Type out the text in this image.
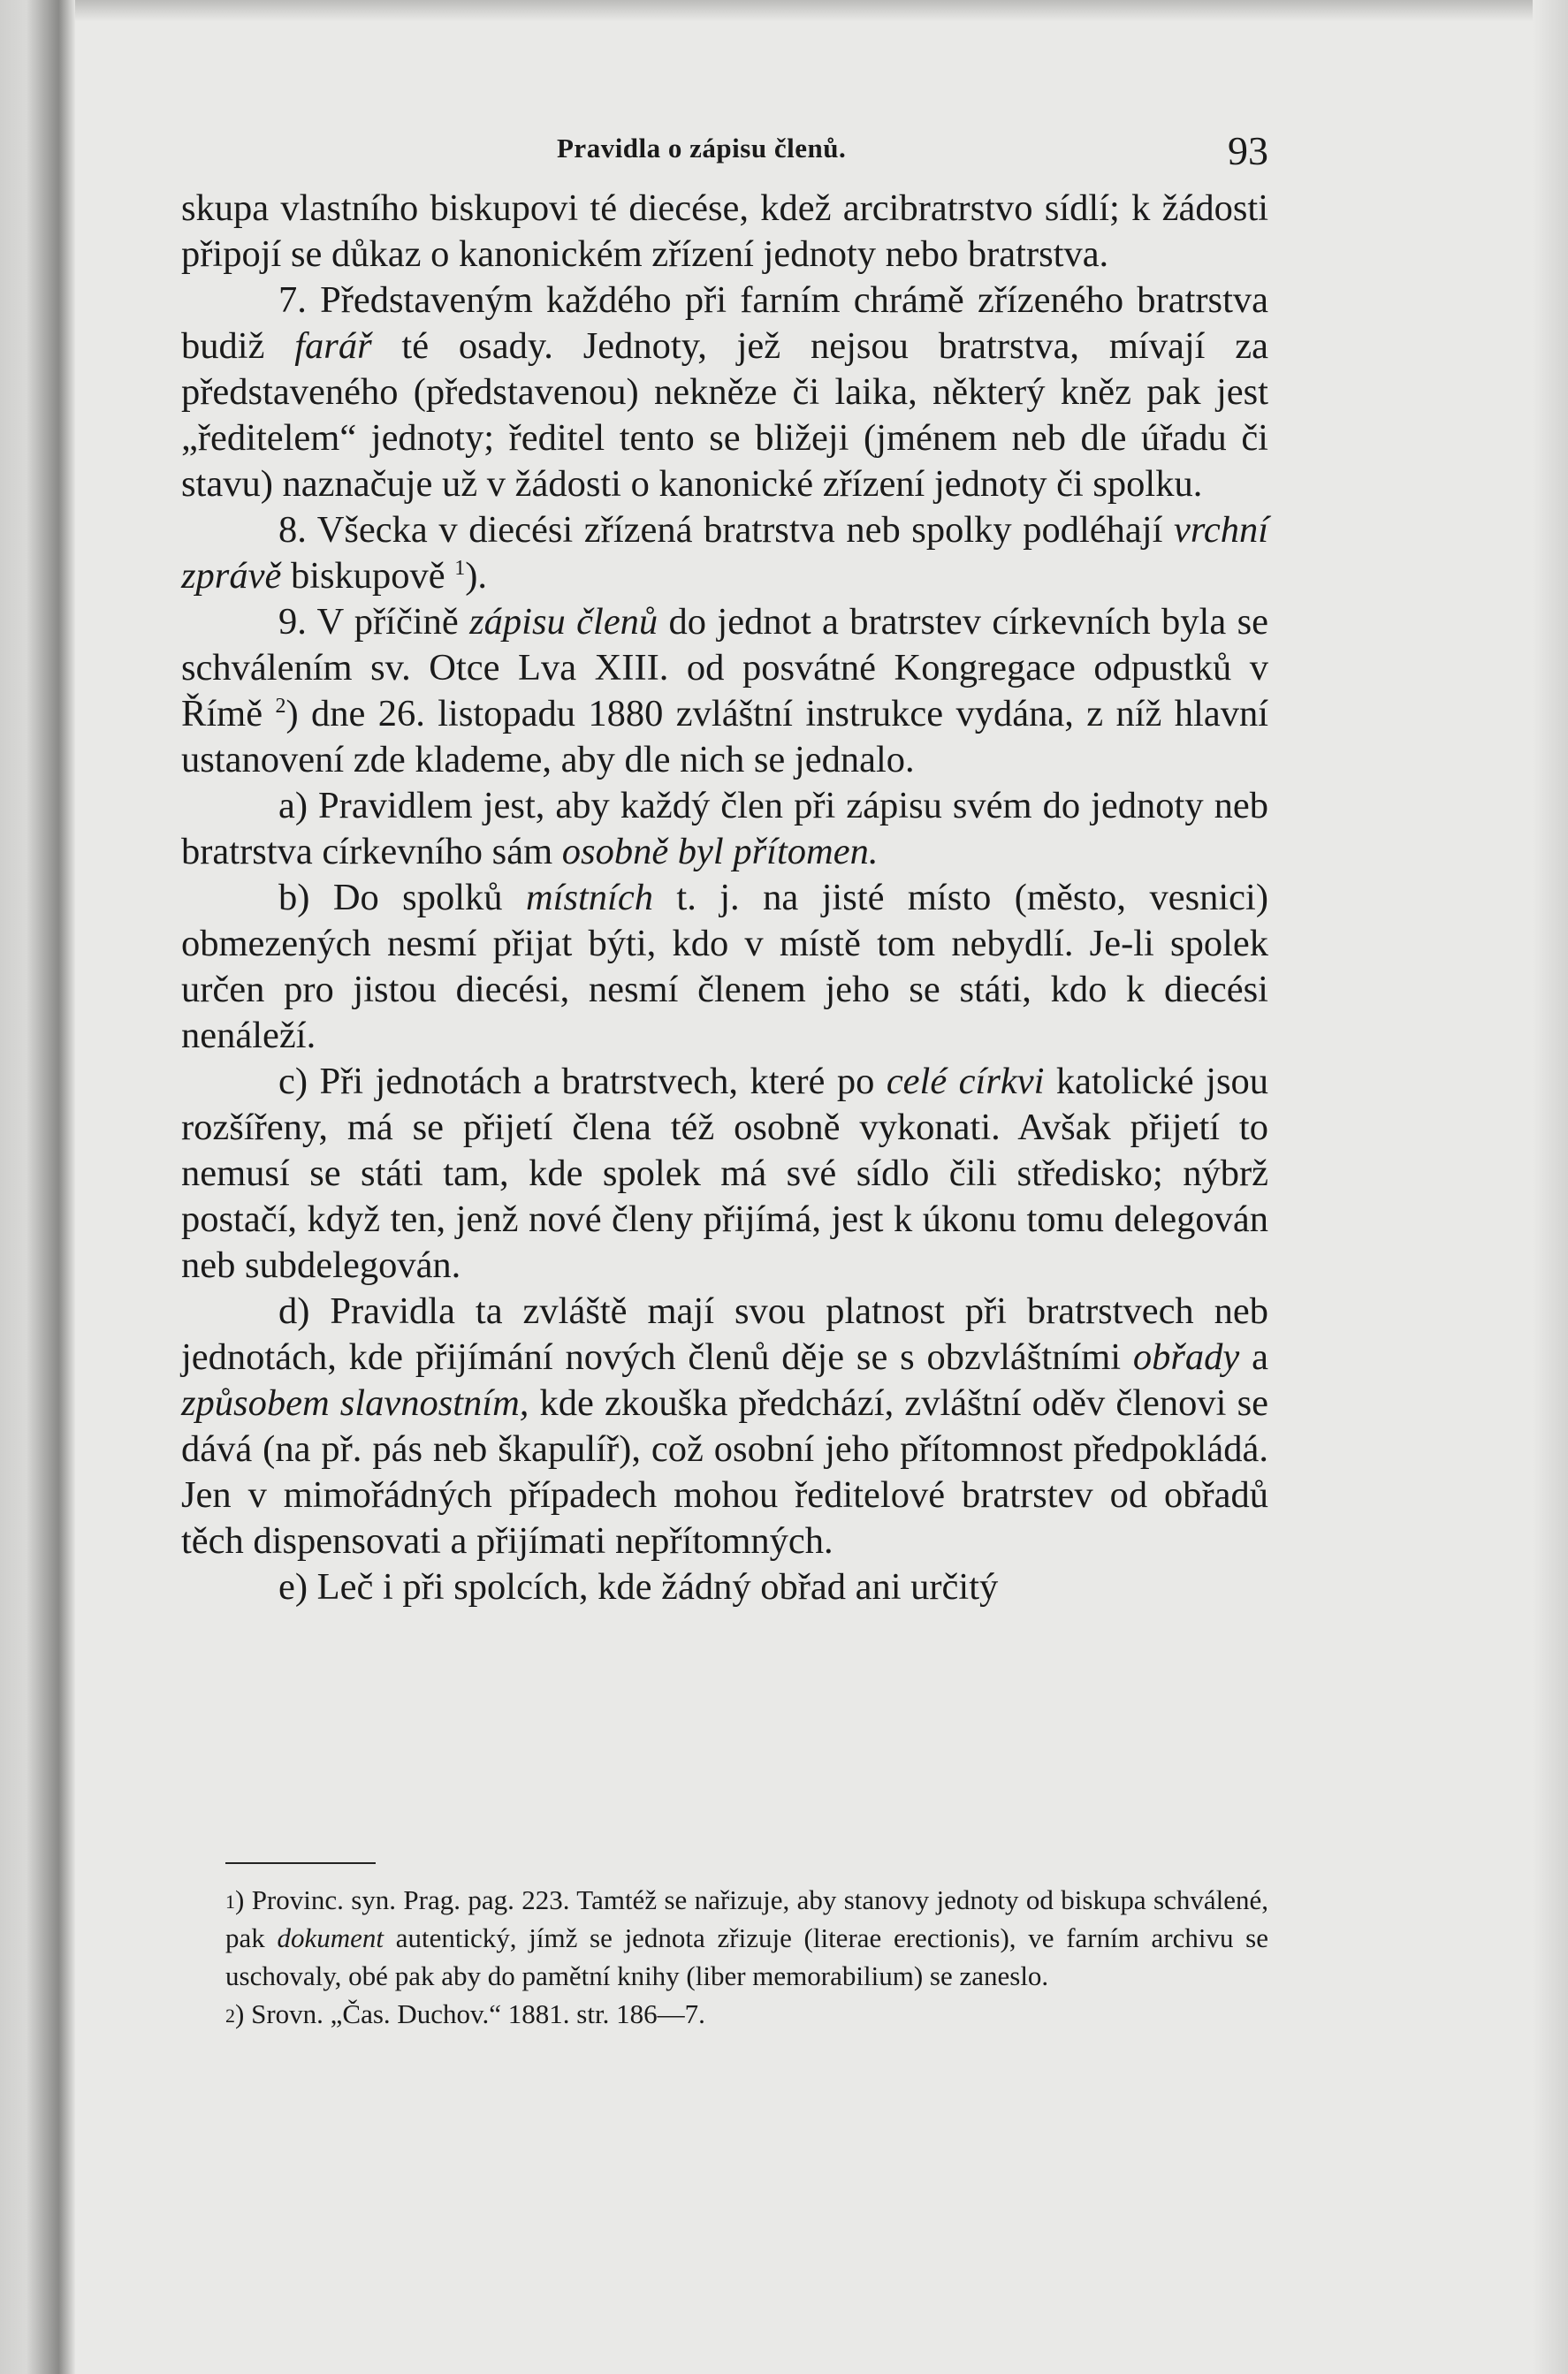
Pravidla o zápisu členů.	93

skupa vlastního biskupovi té diecése, kdež arcibratrstvo sídlí; k žádosti připojí se důkaz o kanonickém zřízení jednoty nebo bratrstva.

7. Představeným každého při farním chrámě zřízeného bratrstva budiž farář té osady. Jednoty, jež nejsou bratrstva, mívají za představeného (představenou) nekněze či laika, některý kněz pak jest „ředitelem“ jednoty; ředitel tento se bližeji (jménem neb dle úřadu či stavu) naznačuje už v žádosti o kanonické zřízení jednoty či spolku.

8. Všecka v diecési zřízená bratrstva neb spolky podléhají vrchní zprávě biskupově $^1$).

9. V příčině zápisu členů do jednot a bratrstev církevních byla se schválením sv. Otce Lva XIII. od posvátné Kongregace odpustků v Římě $^2$) dne 26. listopadu 1880 zvláštní instrukce vydána, z níž hlavní ustanovení zde klademe, aby dle nich se jednalo.

a) Pravidlem jest, aby každý člen při zápisu svém do jednoty neb bratrstva církevního sám osobně byl přítomen.

b) Do spolků místních t. j. na jisté místo (město, vesnici) obmezených nesmí přijat býti, kdo v místě tom nebydlí. Je-li spolek určen pro jistou diecési, nesmí členem jeho se státi, kdo k diecési nenáleží.

c) Při jednotách a bratrstvech, které po celé církvi katolické jsou rozšířeny, má se přijetí člena též osobně vykonati. Avšak přijetí to nemusí se státi tam, kde spolek má své sídlo čili středisko; nýbrž postačí, když ten, jenž nové členy přijímá, jest k úkonu tomu delegován neb subdelegován.

d) Pravidla ta zvláště mají svou platnost při bratrstvech neb jednotách, kde přijímání nových členů děje se s obzvláštními obřady a způsobem slavnostním, kde zkouška předchází, zvláštní oděv členovi se dává (na př. pás neb škapulíř), což osobní jeho přítomnost předpokládá. Jen v mimořádných případech mohou ředitelové bratrstev od obřadů těch dispensovati a přijímati nepřítomných.

e) Leč i při spolcích, kde žádný obřad ani určitý

$^1$) Provinc. syn. Prag. pag. 223. Tamtéž se nařizuje, aby stanovy jednoty od biskupa schválené, pak dokument autentický, jímž se jednota zřizuje (literae erectionis), ve farním archivu se uschovaly, obé pak aby do pamětní knihy (liber memorabilium) se zaneslo.

$^2$) Srovn. „Čas. Duchov.“ 1881. str. 186—7.
